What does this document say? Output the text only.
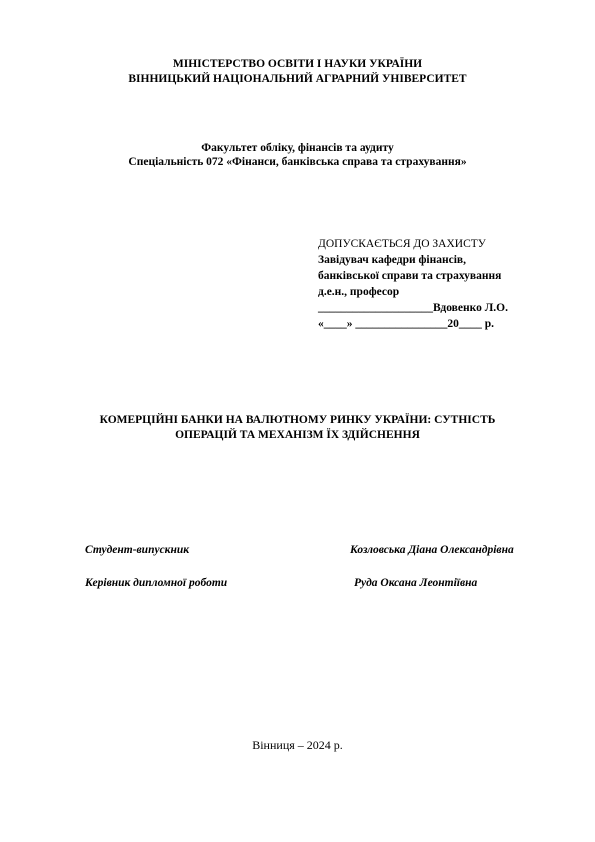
МІНІСТЕРСТВО ОСВІТИ І НАУКИ УКРАЇНИ
ВІННИЦЬКИЙ НАЦІОНАЛЬНИЙ АГРАРНИЙ УНІВЕРСИТЕТ
Факультет обліку, фінансів та аудиту
Спеціальність 072 «Фінанси, банківська справа та страхування»
ДОПУСКАЄТЬСЯ ДО ЗАХИСТУ
Завідувач кафедри фінансів,
банківської справи та страхування
д.е.н., професор
____________________Вдовенко Л.О.
«____» ________________20____ р.
КОМЕРЦІЙНІ БАНКИ НА ВАЛЮТНОМУ РИНКУ УКРАЇНИ: СУТНІСТЬ
ОПЕРАЦІЙ ТА МЕХАНІЗМ ЇХ ЗДІЙСНЕННЯ
Студент-випускник	Козловська Діана Олександрівна
Керівник дипломної роботи	Руда Оксана Леонтіївна
Вінниця – 2024 р.
